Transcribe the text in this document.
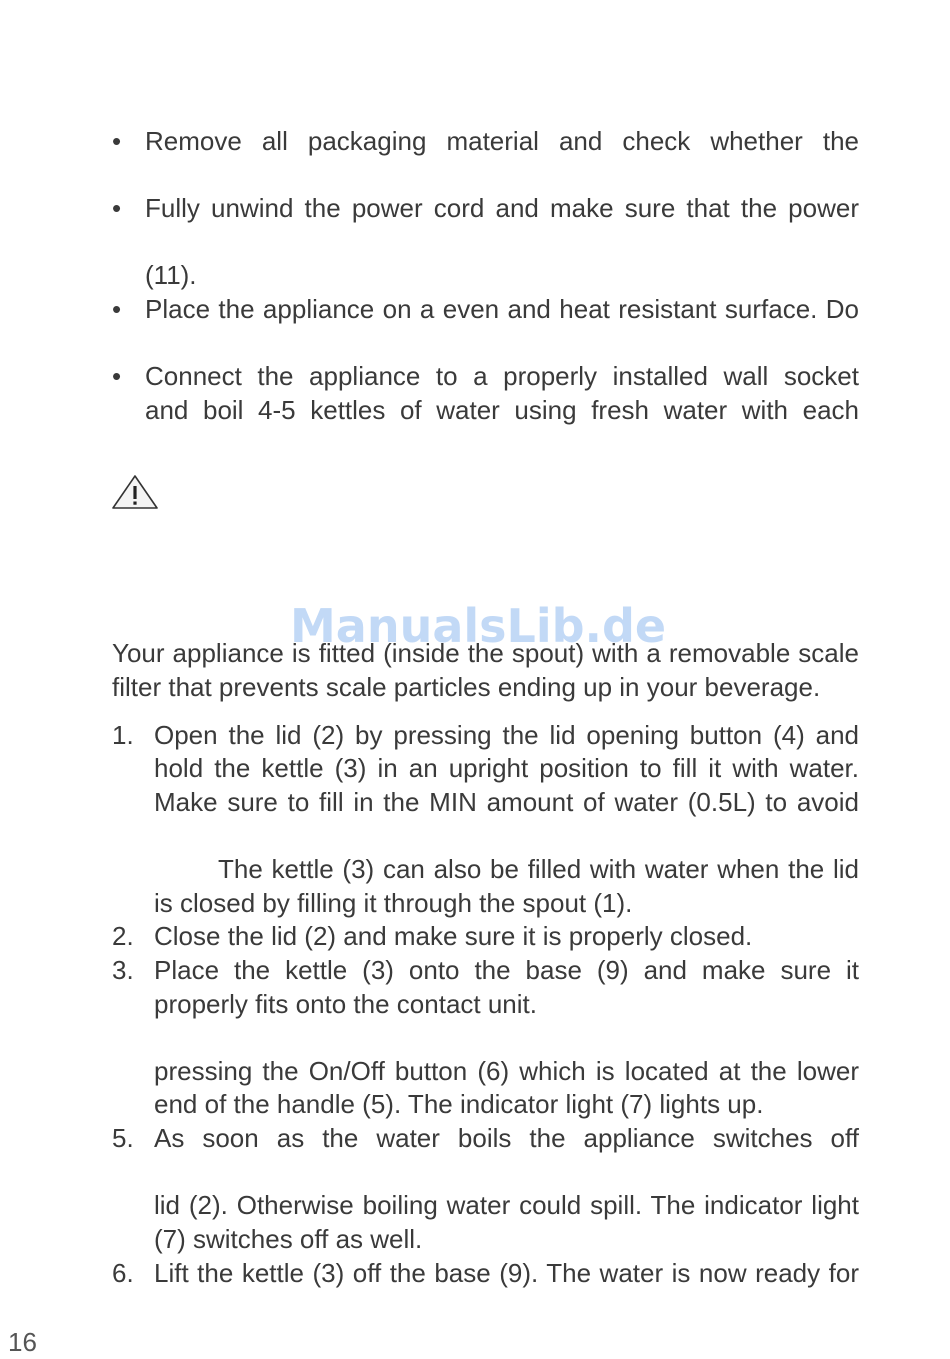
• Remove all packaging material and check whether the
• Fully unwind the power cord and make sure that the power
(11).
• Place the appliance on a even and heat resistant surface. Do
• Connect the appliance to a properly installed wall socket
and boil 4-5 kettles of water using fresh water with each
ManualsLib.de
Your appliance is fitted (inside the spout) with a removable scale
filter that prevents scale particles ending up in your beverage.
1. Open the lid (2) by pressing the lid opening button (4) and
hold the kettle (3) in an upright position to fill it with water.
Make sure to fill in the MIN amount of water (0.5L) to avoid
The kettle (3) can also be filled with water when the lid
is closed by filling it through the spout (1).
2. Close the lid (2) and make sure it is properly closed.
3. Place the kettle (3) onto the base (9) and make sure it
properly fits onto the contact unit.
pressing the On/Off button (6) which is located at the lower
end of the handle (5). The indicator light (7) lights up.
5. As soon as the water boils the appliance switches off
lid (2). Otherwise boiling water could spill. The indicator light
(7) switches off as well.
6. Lift the kettle (3) off the base (9). The water is now ready for
16
